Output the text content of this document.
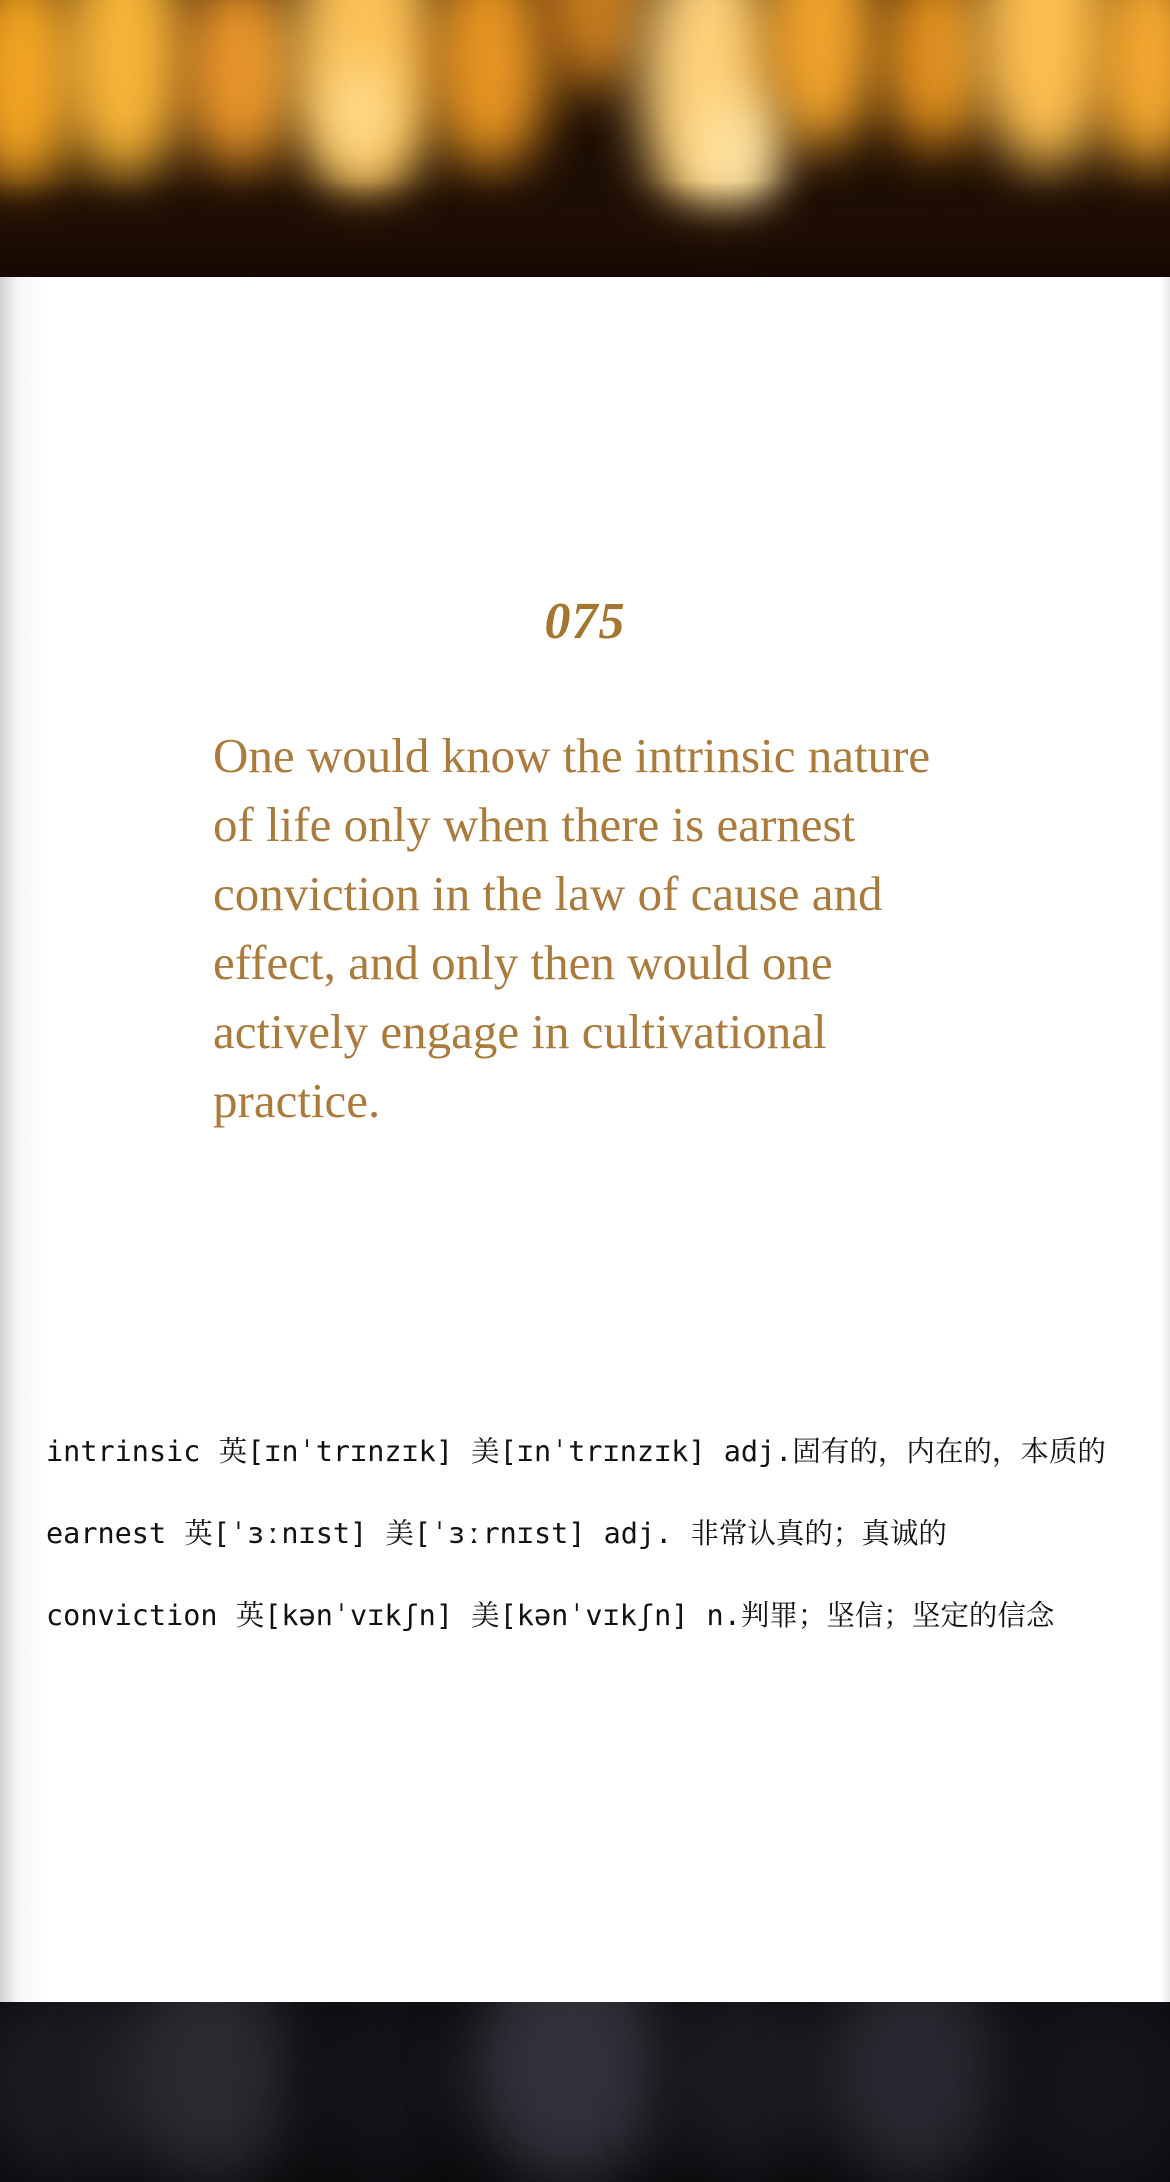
075
One would know the intrinsic nature of life only when there is earnest conviction in the law of cause and effect, and only then would one actively engage in cultivational practice.
intrinsic 英[ɪnˈtrɪnzɪk] 美[ɪnˈtrɪnzɪk] adj.固有的，内在的，本质的
earnest 英[ˈɜːnɪst] 美[ˈɜːrnɪst] adj. 非常认真的；真诚的
conviction 英[kənˈvɪkʃn] 美[kənˈvɪkʃn] n.判罪；坚信；坚定的信念
